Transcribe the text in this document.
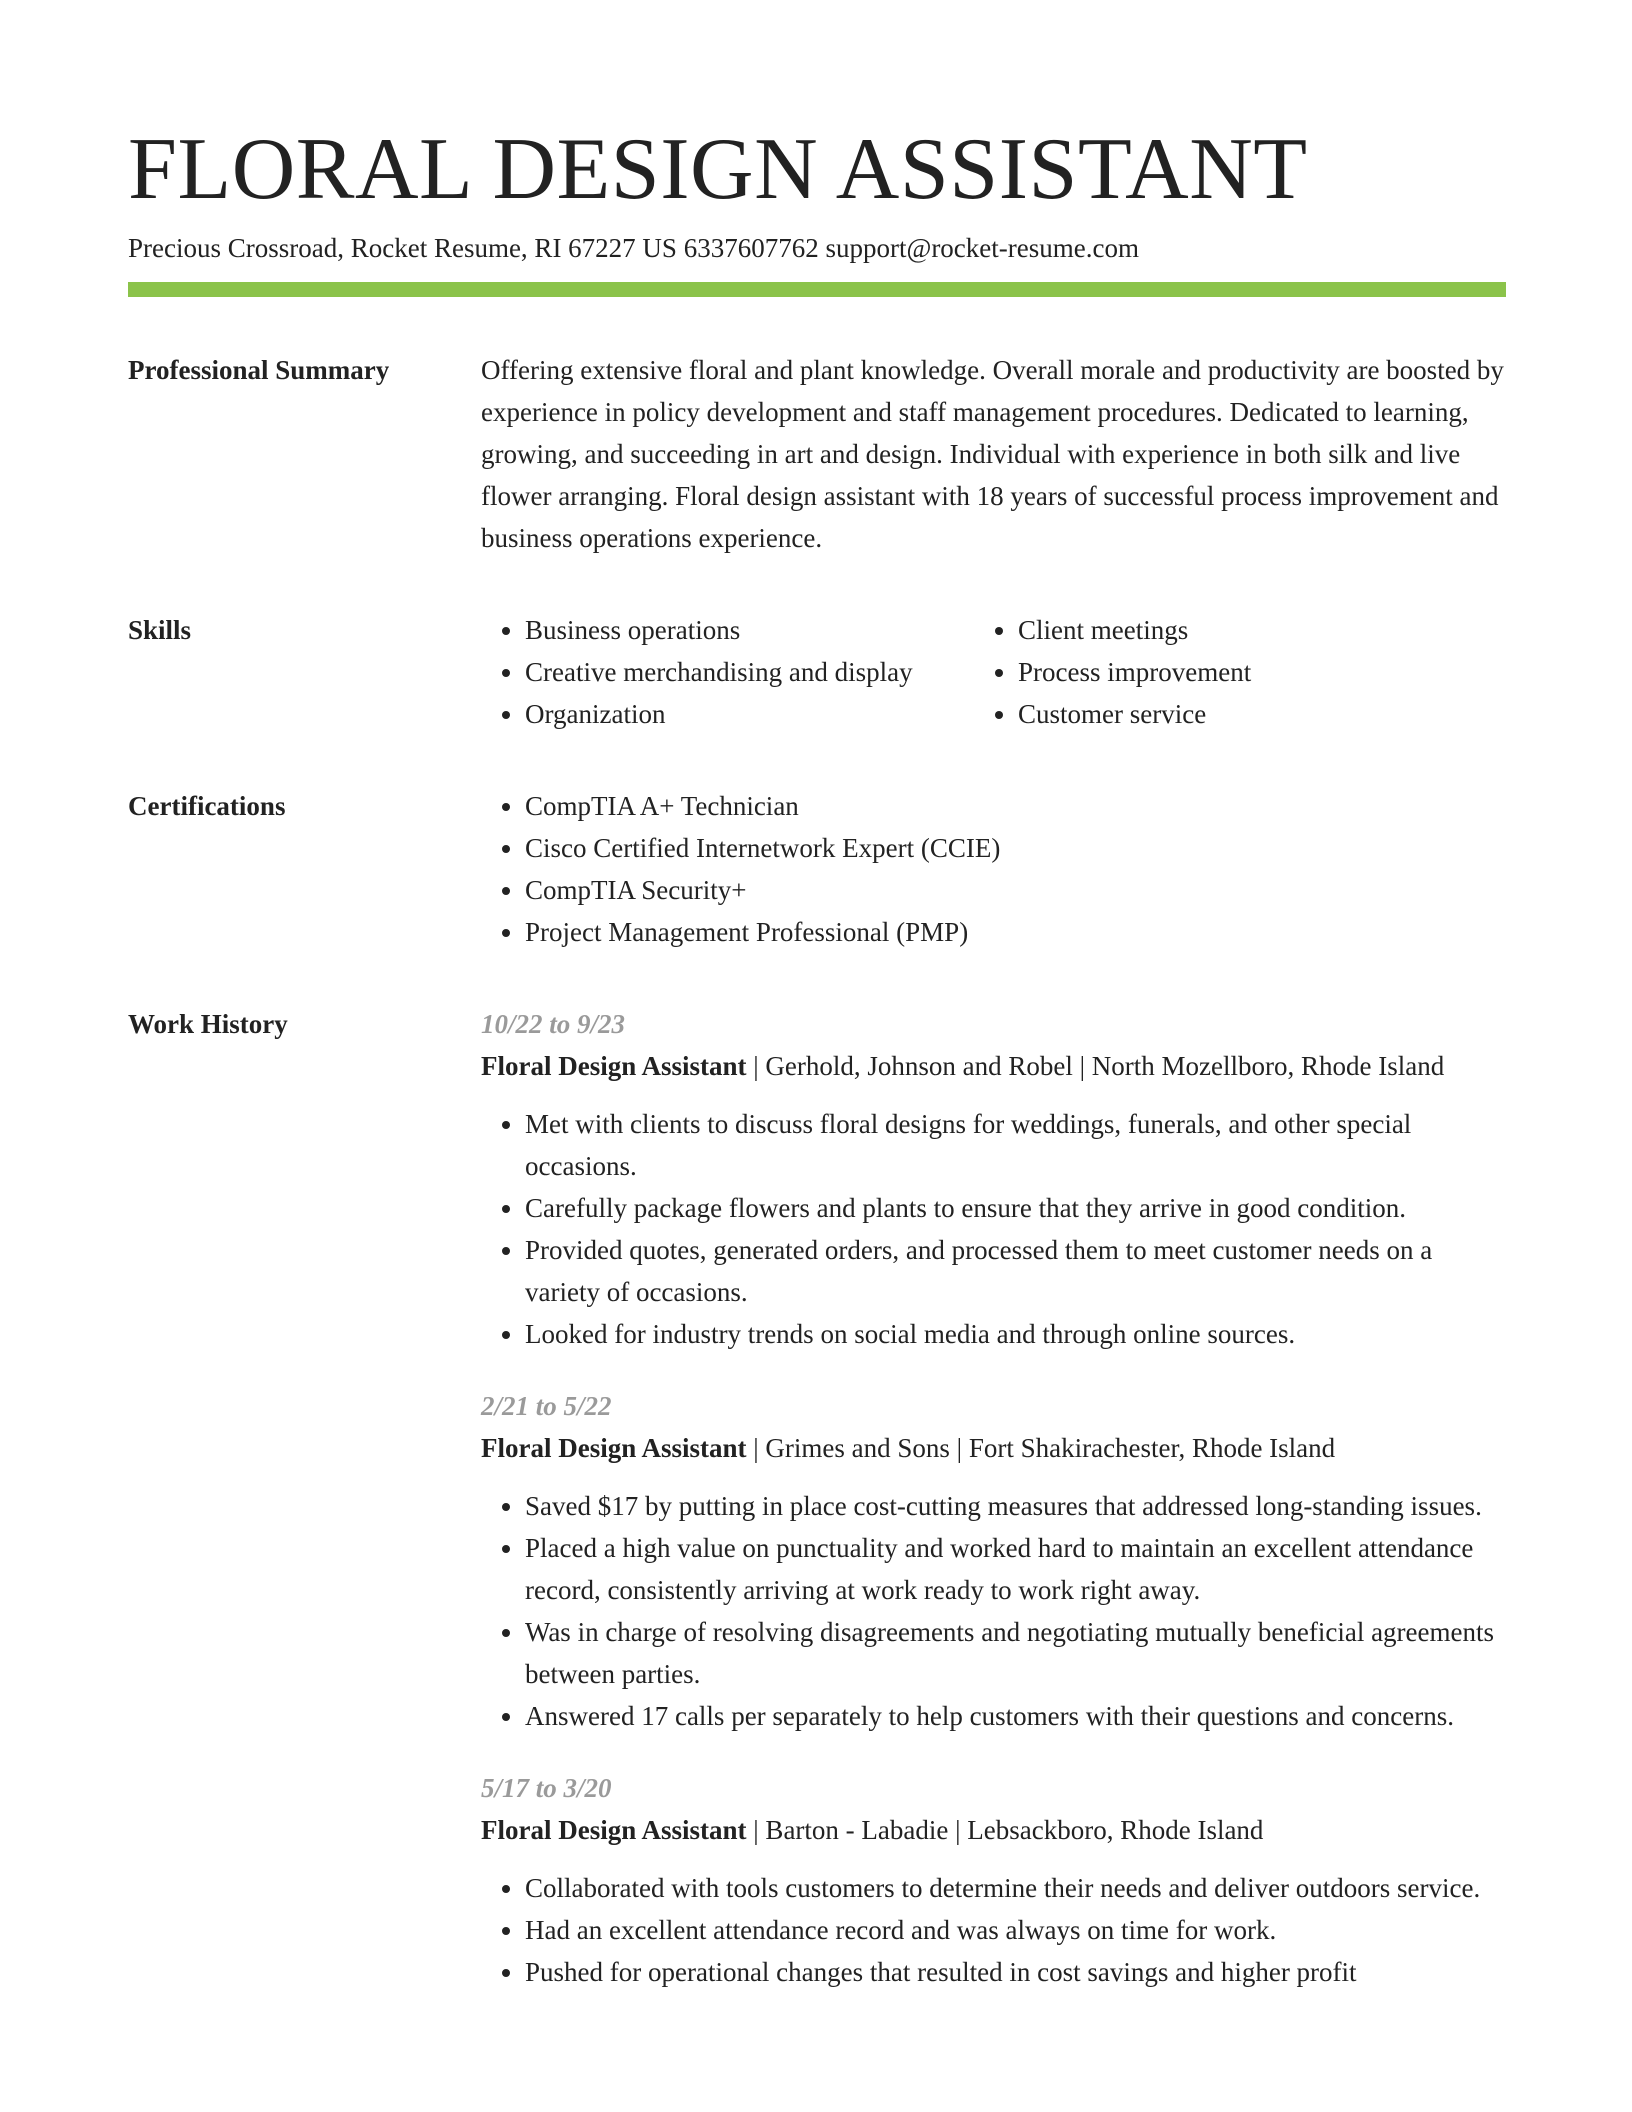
FLORAL DESIGN ASSISTANT
Precious Crossroad, Rocket Resume, RI 67227 US 6337607762 support@rocket-resume.com
Professional Summary	Offering extensive floral and plant knowledge. Overall morale and productivity are boosted by experience in policy development and staff management procedures. Dedicated to learning, growing, and succeeding in art and design. Individual with experience in both silk and live flower arranging. Floral design assistant with 18 years of successful process improvement and business operations experience.

Skills	• Business operations
• Creative merchandising and display
• Organization
• Client meetings
• Process improvement
• Customer service
Certifications	• CompTIA A+ Technician
• Cisco Certified Internetwork Expert (CCIE)
• CompTIA Security+
• Project Management Professional (PMP)
Work History	10/22 to 9/23

Floral Design Assistant | Gerhold, Johnson and Robel | North Mozellboro, Rhode Island

• Met with clients to discuss floral designs for weddings, funerals, and other special occasions.
• Carefully package flowers and plants to ensure that they arrive in good condition.
• Provided quotes, generated orders, and processed them to meet customer needs on a variety of occasions.
• Looked for industry trends on social media and through online sources.
2/21 to 5/22

Floral Design Assistant | Grimes and Sons | Fort Shakirachester, Rhode Island

• Saved $17 by putting in place cost-cutting measures that addressed long-standing issues.
• Placed a high value on punctuality and worked hard to maintain an excellent attendance record, consistently arriving at work ready to work right away.
• Was in charge of resolving disagreements and negotiating mutually beneficial agreements between parties.
• Answered 17 calls per separately to help customers with their questions and concerns.
5/17 to 3/20

Floral Design Assistant | Barton - Labadie | Lebsackboro, Rhode Island

• Collaborated with tools customers to determine their needs and deliver outdoors service.
• Had an excellent attendance record and was always on time for work.
• Pushed for operational changes that resulted in cost savings and higher profit
